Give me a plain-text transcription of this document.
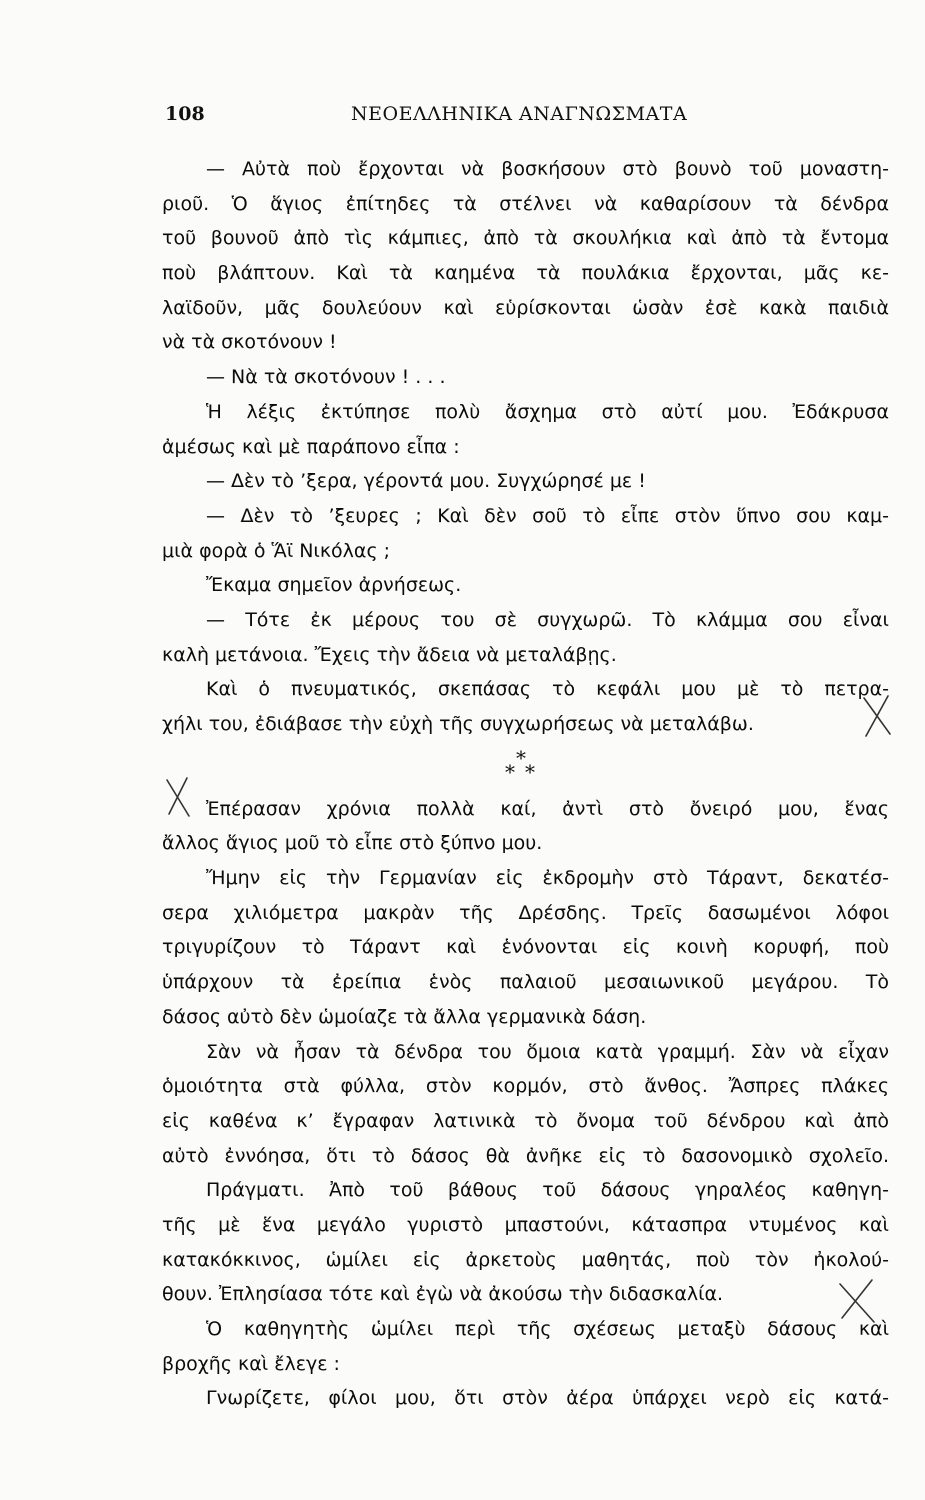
108	ΝΕΟΕΛΛΗΝΙΚΑ ΑΝΑΓΝΩΣΜΑΤΑ
— Αὐτὰ ποὺ ἔρχονται νὰ βοσκήσουν στὸ βουνὸ τοῦ μοναστη-
ριοῦ. Ὁ ἅγιος ἐπίτηδες τὰ στέλνει νὰ καθαρίσουν τὰ δένδρα
τοῦ βουνοῦ ἀπὸ τὶς κάμπιες, ἀπὸ τὰ σκουλήκια καὶ ἀπὸ τὰ ἔντομα
ποὺ βλάπτουν. Καὶ τὰ καημένα τὰ πουλάκια ἔρχονται, μᾶς κε-
λαϊδοῦν, μᾶς δουλεύουν καὶ εὑρίσκονται ὡσὰν ἐσὲ κακὰ παιδιὰ
νὰ τὰ σκοτόνουν !
— Νὰ τὰ σκοτόνουν ! . . .
Ἡ λέξις ἐκτύπησε πολὺ ἄσχημα στὸ αὐτί μου. Ἐδάκρυσα
ἀμέσως καὶ μὲ παράπονο εἶπα :
— Δὲν τὸ ’ξερα, γέροντά μου. Συγχώρησέ με !
— Δὲν τὸ ’ξευρες ; Καὶ δὲν σοῦ τὸ εἶπε στὸν ὕπνο σου καμ-
μιὰ φορὰ ὁ Ἅϊ Νικόλας ;
Ἔκαμα σημεῖον ἀρνήσεως.
— Τότε ἐκ μέρους του σὲ συγχωρῶ. Τὸ κλάμμα σου εἶναι
καλὴ μετάνοια. Ἔχεις τὴν ἄδεια νὰ μεταλάβῃς.
Καὶ ὁ πνευματικός, σκεπάσας τὸ κεφάλι μου μὲ τὸ πετρα-
χήλι του, ἐδιάβασε τὴν εὐχὴ τῆς συγχωρήσεως νὰ μεταλάβω.
*
* *
Ἐπέρασαν χρόνια πολλὰ καί, ἀντὶ στὸ ὄνειρό μου, ἕνας
ἄλλος ἅγιος μοῦ τὸ εἶπε στὸ ξύπνο μου.
Ἤμην εἰς τὴν Γερμανίαν εἰς ἐκδρομὴν στὸ Τάραντ, δεκατέσ-
σερα χιλιόμετρα μακρὰν τῆς Δρέσδης. Τρεῖς δασωμένοι λόφοι
τριγυρίζουν τὸ Τάραντ καὶ ἑνόνονται εἰς κοινὴ κορυφή, ποὺ
ὑπάρχουν τὰ ἐρείπια ἑνὸς παλαιοῦ μεσαιωνικοῦ μεγάρου. Τὸ
δάσος αὐτὸ δὲν ὡμοίαζε τὰ ἄλλα γερμανικὰ δάση.
Σὰν νὰ ἦσαν τὰ δένδρα του ὅμοια κατὰ γραμμή. Σὰν νὰ εἶχαν
ὁμοιότητα στὰ φύλλα, στὸν κορμόν, στὸ ἄνθος. Ἄσπρες πλάκες
εἰς καθένα κ’ ἔγραφαν λατινικὰ τὸ ὄνομα τοῦ δένδρου καὶ ἀπὸ
αὐτὸ ἐννόησα, ὅτι τὸ δάσος θὰ ἀνῆκε εἰς τὸ δασονομικὸ σχολεῖο.
Πράγματι. Ἀπὸ τοῦ βάθους τοῦ δάσους γηραλέος καθηγη-
τῆς μὲ ἕνα μεγάλο γυριστὸ μπαστούνι, κάτασπρα ντυμένος καὶ
κατακόκκινος, ὡμίλει εἰς ἀρκετοὺς μαθητάς, ποὺ τὸν ἠκολού-
θουν. Ἐπλησίασα τότε καὶ ἐγὼ νὰ ἀκούσω τὴν διδασκαλία.
Ὁ καθηγητὴς ὡμίλει περὶ τῆς σχέσεως μεταξὺ δάσους καὶ
βροχῆς καὶ ἔλεγε :
Γνωρίζετε, φίλοι μου, ὅτι στὸν ἀέρα ὑπάρχει νερὸ εἰς κατά-
